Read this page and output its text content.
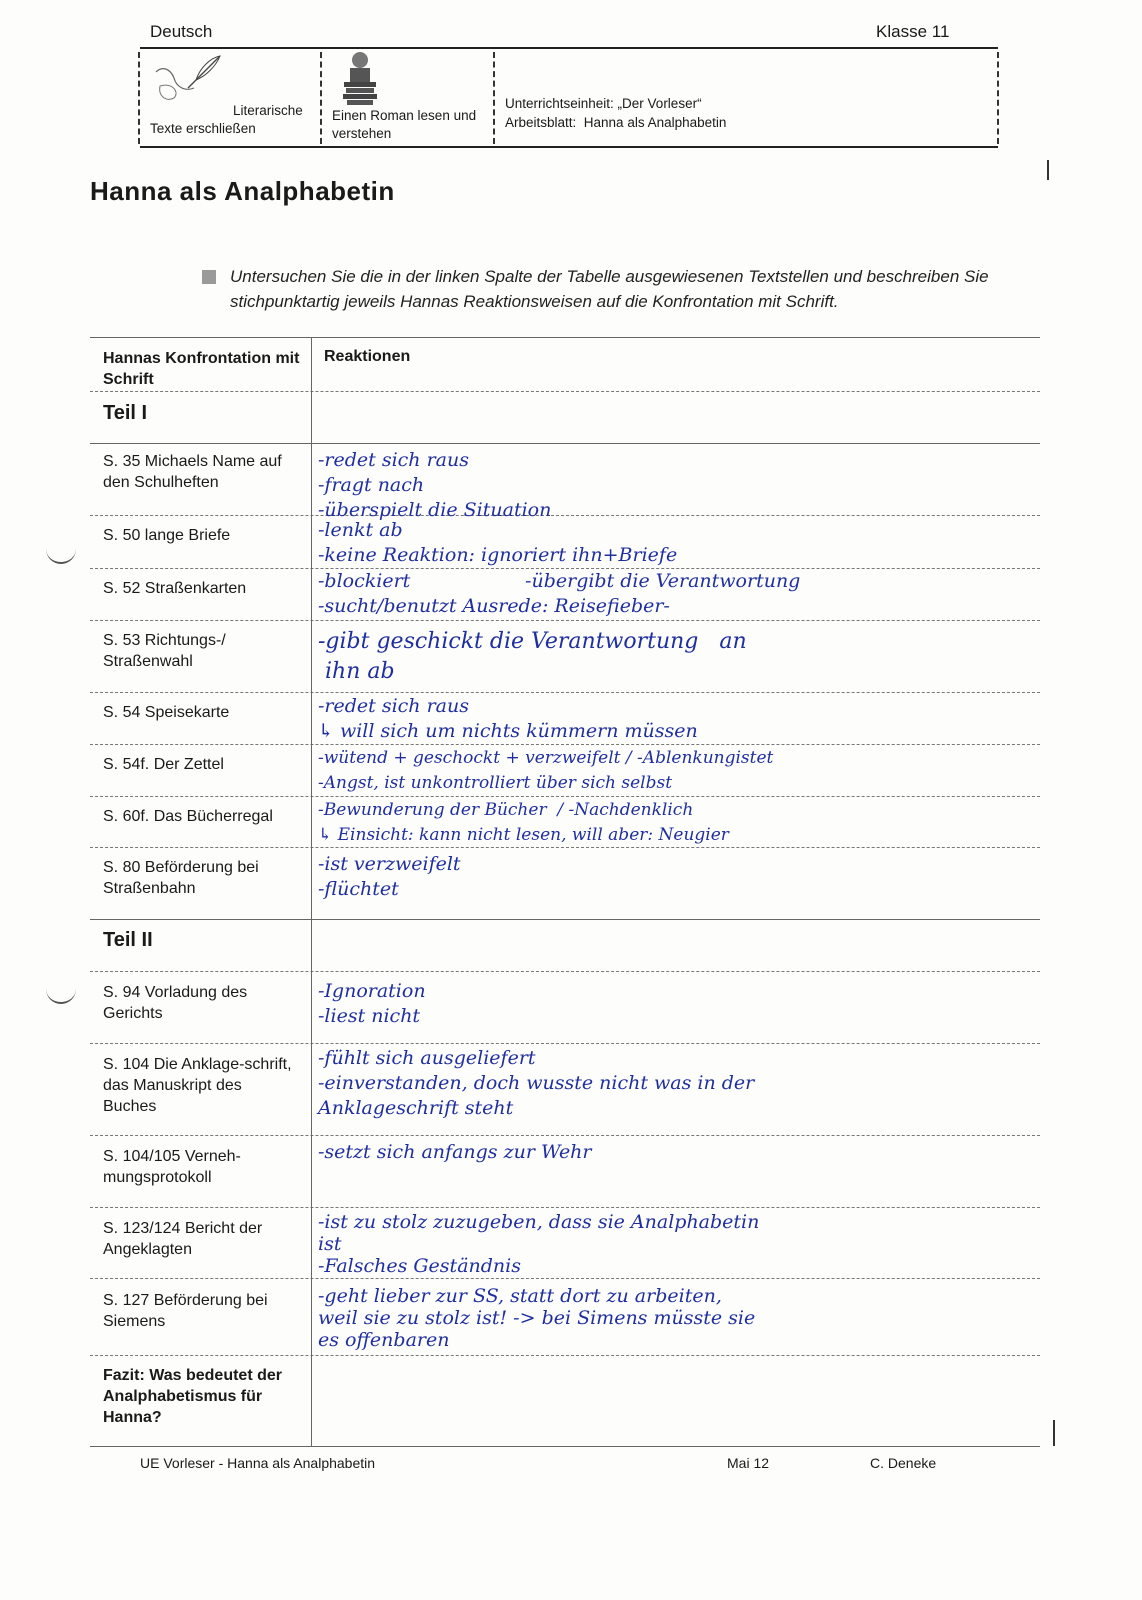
Deutsch	Klasse 11
Literarische
Texte erschließen
Einen Roman lesen und
verstehen
Unterrichtseinheit: „Der Vorleser“
Arbeitsblatt:  Hanna als Analphabetin
Hanna als Analphabetin
Untersuchen Sie die in der linken Spalte der Tabelle ausgewiesenen Textstellen und beschreiben Sie stichpunktartig jeweils Hannas Reaktionsweisen auf die Konfrontation mit Schrift.
Hannas Konfrontation mit Schrift
Reaktionen
Teil I
S. 35 Michaels Name auf den Schulheften
-redet sich raus
-fragt nach
-überspielt die Situation
S. 50 lange Briefe	-lenkt ab
-keine Reaktion: ignoriert ihn+Briefe
S. 52 Straßenkarten	-blockiert                   -übergibt die Verantwortung
-sucht/benutzt Ausrede: Reisefieber-
S. 53 Richtungs-/ Straßenwahl
-gibt geschickt die Verantwortung   an
ihn ab
S. 54 Speisekarte	-redet sich raus
↳ will sich um nichts kümmern müssen
S. 54f. Der Zettel	-wütend + geschockt + verzweifelt / -Ablenkungistet
-Angst, ist unkontrolliert über sich selbst
S. 60f. Das Bücherregal	-Bewunderung der Bücher  / -Nachdenklich
↳ Einsicht: kann nicht lesen, will aber: Neugier
S. 80 Beförderung bei Straßenbahn
-ist verzweifelt
-flüchtet
Teil II
S. 94 Vorladung des Gerichts
-Ignoration
-liest nicht
S. 104 Die Anklage-schrift, das Manuskript des Buches
-fühlt sich ausgeliefert
-einverstanden, doch wusste nicht was in der
Anklageschrift steht
S. 104/105 Verneh-mungsprotokoll
-setzt sich anfangs zur Wehr
S. 123/124 Bericht der Angeklagten
-ist zu stolz zuzugeben, dass sie Analphabetin
ist
-Falsches Geständnis
S. 127 Beförderung bei Siemens
-geht lieber zur SS, statt dort zu arbeiten,
weil sie zu stolz ist! -> bei Simens müsste sie
es offenbaren
Fazit: Was bedeutet der Analphabetismus für Hanna?
UE Vorleser - Hanna als Analphabetin	Mai 12	C. Deneke
